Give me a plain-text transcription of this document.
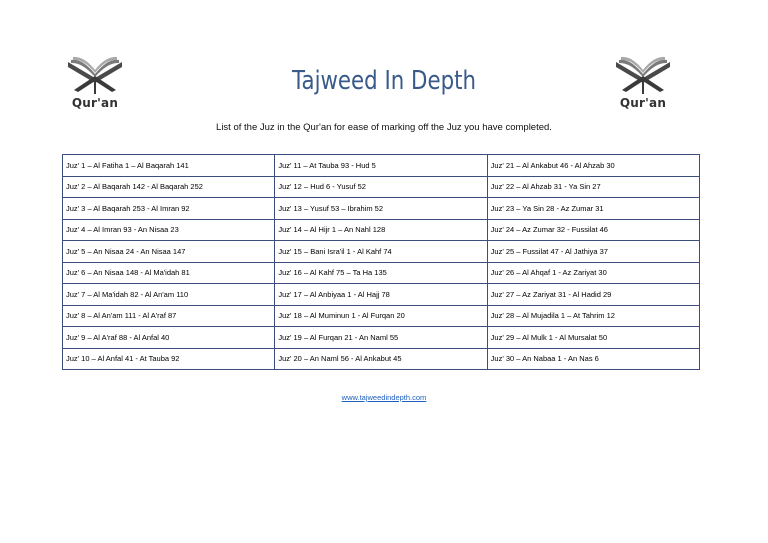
Qur'an	Qur'an
Tajweed In Depth
List of the Juz in the Qur'an for ease of marking off the Juz you have completed.
Juz' 1 – Al Fatiha 1 – Al Baqarah 141	Juz' 11 – At Tauba 93 - Hud 5	Juz' 21 – Al Ankabut 46 - Al Ahzab 30
Juz' 2 – Al Baqarah 142 - Al Baqarah 252	Juz' 12 – Hud 6 - Yusuf 52	Juz' 22 – Al Ahzab 31 - Ya Sin 27
Juz' 3 – Al Baqarah 253 - Al Imran 92	Juz' 13 – Yusuf 53 – Ibrahim 52	Juz' 23 – Ya Sin 28 - Az Zumar 31
Juz' 4 – Al Imran 93 - An Nisaa 23	Juz' 14 – Al Hijr 1 – An Nahl 128	Juz' 24 – Az Zumar 32 - Fussilat 46
Juz' 5 – An Nisaa 24 - An Nisaa 147	Juz' 15 – Bani Isra'il 1 - Al Kahf 74	Juz' 25 – Fussilat 47 - Al Jathiya 37
Juz' 6 – An Nisaa 148 - Al Ma'idah 81	Juz' 16 – Al Kahf 75 – Ta Ha 135	Juz' 26 – Al Ahqaf 1 - Az Zariyat 30
Juz' 7 – Al Ma'idah 82 - Al An'am 110	Juz' 17 – Al Anbiyaa 1 - Al Hajj 78	Juz' 27 – Az Zariyat 31 - Al Hadid 29
Juz' 8 – Al An'am 111 - Al A'raf 87	Juz' 18 – Al Muminun 1 - Al Furqan 20	Juz' 28 – Al Mujadila 1 – At Tahrim 12
Juz' 9 – Al A'raf 88 - Al Anfal 40	Juz' 19 – Al Furqan 21 - An Naml 55	Juz' 29 – Al Mulk 1 - Al Mursalat 50
Juz' 10 – Al Anfal 41 - At Tauba 92	Juz' 20 – An Naml 56 - Al Ankabut 45	Juz' 30 – An Nabaa 1 - An Nas 6
www.tajweedindepth.com
